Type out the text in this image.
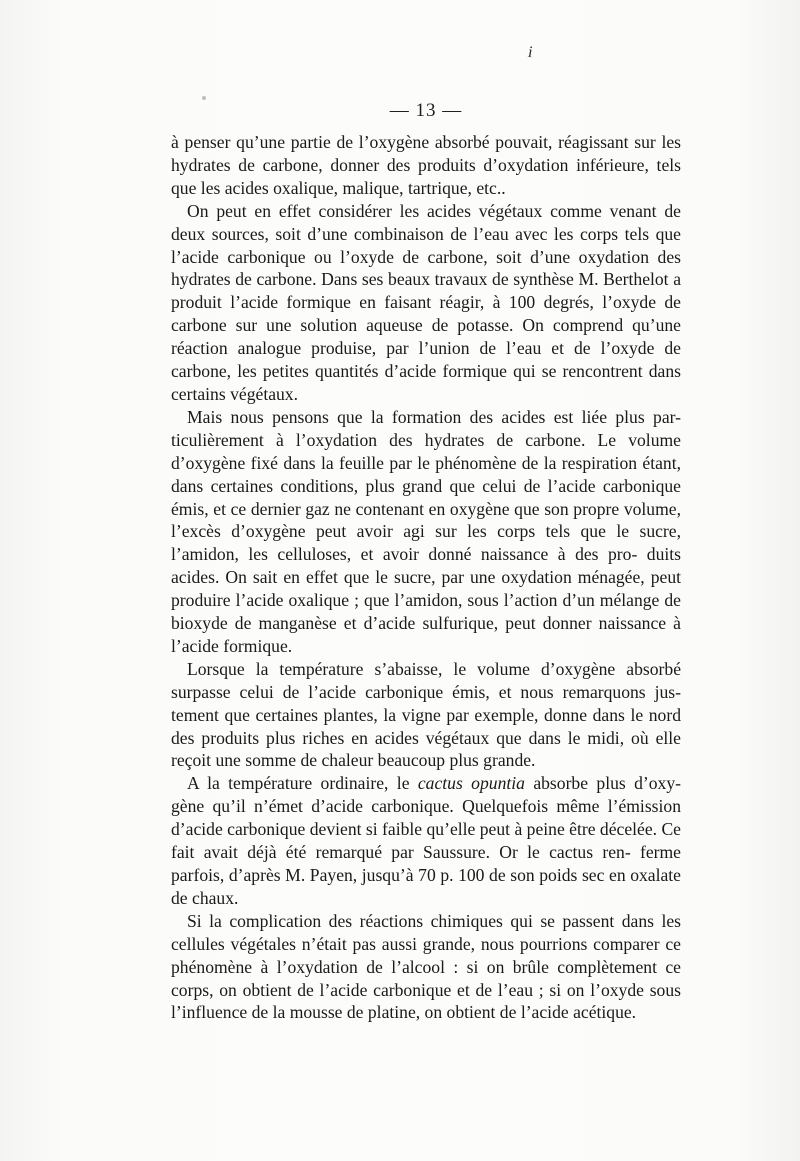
i
— 13 —

à penser qu’une partie de l’oxygène absorbé pouvait, réagissant sur les hydrates de carbone, donner des produits d’oxydation inférieure, tels que les acides oxalique, malique, tartrique, etc..

On peut en effet considérer les acides végétaux comme venant de deux sources, soit d’une combinaison de l’eau avec les corps tels que l’acide carbonique ou l’oxyde de carbone, soit d’une oxydation des hydrates de carbone. Dans ses beaux travaux de synthèse M. Berthelot a produit l’acide formique en faisant réagir, à 100 degrés, l’oxyde de carbone sur une solution aqueuse de potasse. On comprend qu’une réaction analogue produise, par l’union de l’eau et de l’oxyde de carbone, les petites quantités d’acide formique qui se rencontrent dans certains végétaux.

Mais nous pensons que la formation des acides est liée plus par- ticulièrement à l’oxydation des hydrates de carbone. Le volume d’oxygène fixé dans la feuille par le phénomène de la respiration étant, dans certaines conditions, plus grand que celui de l’acide carbonique émis, et ce dernier gaz ne contenant en oxygène que son propre volume, l’excès d’oxygène peut avoir agi sur les corps tels que le sucre, l’amidon, les celluloses, et avoir donné naissance à des pro- duits acides. On sait en effet que le sucre, par une oxydation ménagée, peut produire l’acide oxalique ; que l’amidon, sous l’action d’un mélange de bioxyde de manganèse et d’acide sulfurique, peut donner naissance à l’acide formique.

Lorsque la température s’abaisse, le volume d’oxygène absorbé surpasse celui de l’acide carbonique émis, et nous remarquons jus- tement que certaines plantes, la vigne par exemple, donne dans le nord des produits plus riches en acides végétaux que dans le midi, où elle reçoit une somme de chaleur beaucoup plus grande.

A la température ordinaire, le cactus opuntia absorbe plus d’oxy- gène qu’il n’émet d’acide carbonique. Quelquefois même l’émission d’acide carbonique devient si faible qu’elle peut à peine être décelée. Ce fait avait déjà été remarqué par Saussure. Or le cactus ren- ferme parfois, d’après M. Payen, jusqu’à 70 p. 100 de son poids sec en oxalate de chaux.

Si la complication des réactions chimiques qui se passent dans les cellules végétales n’était pas aussi grande, nous pourrions comparer ce phénomène à l’oxydation de l’alcool : si on brûle complètement ce corps, on obtient de l’acide carbonique et de l’eau ; si on l’oxyde sous l’influence de la mousse de platine, on obtient de l’acide acétique.
